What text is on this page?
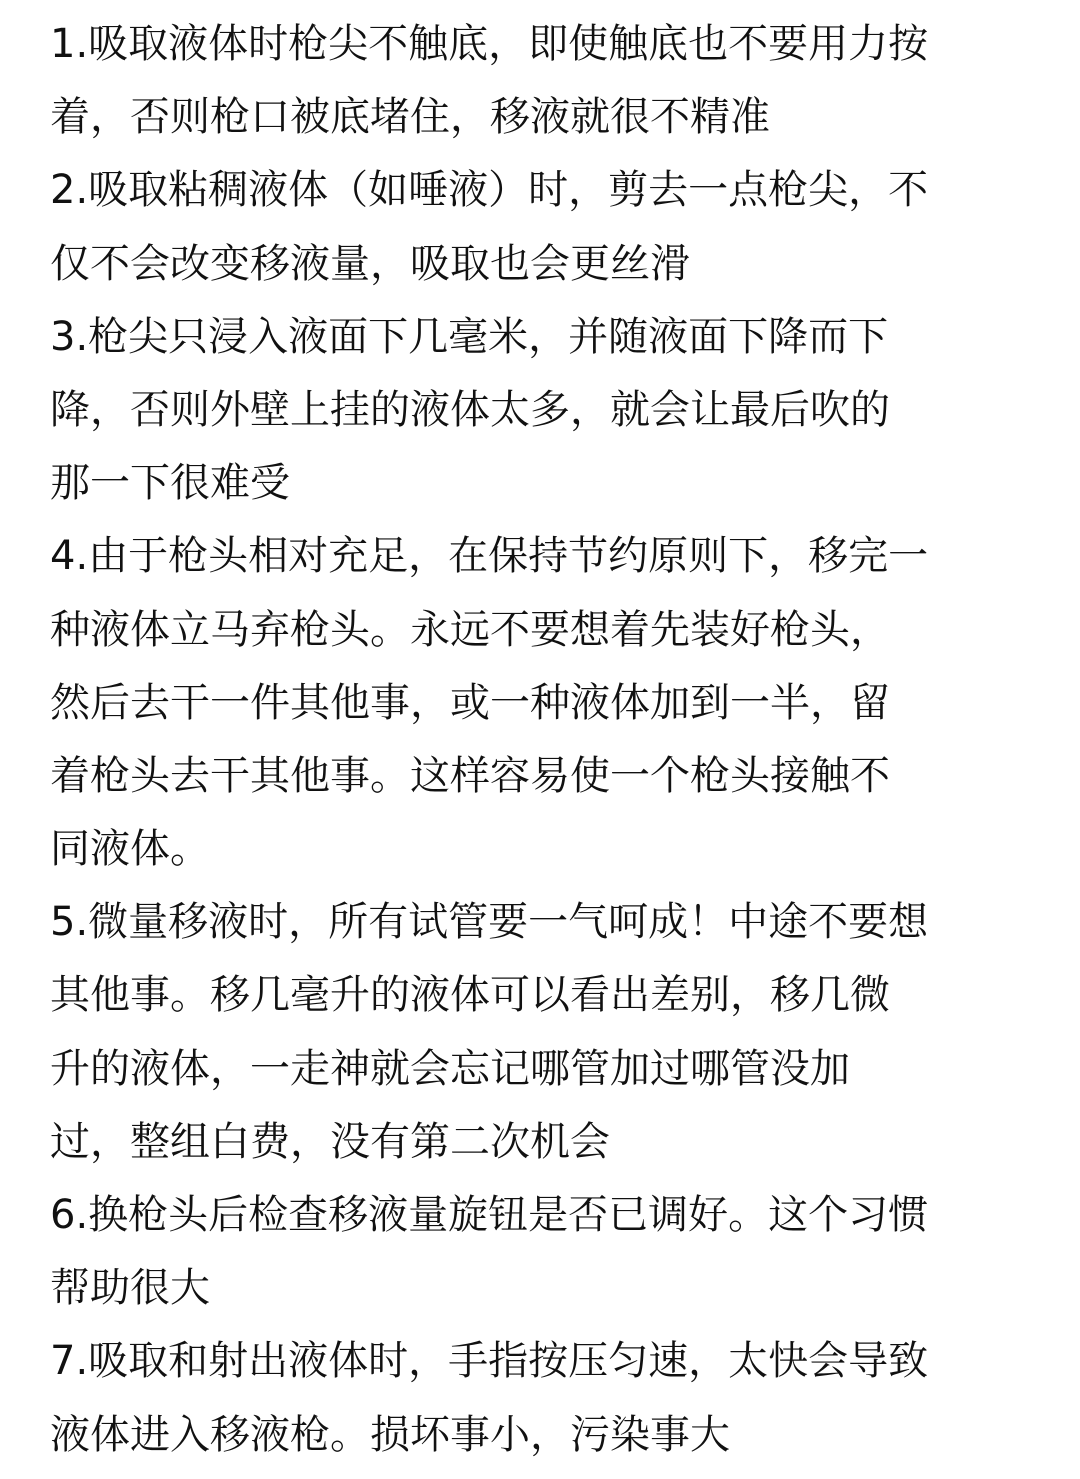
1.吸取液体时枪尖不触底，即使触底也不要用力按
着，否则枪口被底堵住，移液就很不精准
2.吸取粘稠液体（如唾液）时，剪去一点枪尖，不
仅不会改变移液量，吸取也会更丝滑
3.枪尖只浸入液面下几毫米，并随液面下降而下
降，否则外壁上挂的液体太多，就会让最后吹的
那一下很难受
4.由于枪头相对充足，在保持节约原则下，移完一
种液体立马弃枪头。永远不要想着先装好枪头，
然后去干一件其他事，或一种液体加到一半，留
着枪头去干其他事。这样容易使一个枪头接触不
同液体。
5.微量移液时，所有试管要一气呵成！中途不要想
其他事。移几毫升的液体可以看出差别，移几微
升的液体，一走神就会忘记哪管加过哪管没加
过，整组白费，没有第二次机会
6.换枪头后检查移液量旋钮是否已调好。这个习惯
帮助很大
7.吸取和射出液体时，手指按压匀速，太快会导致
液体进入移液枪。损坏事小，污染事大
